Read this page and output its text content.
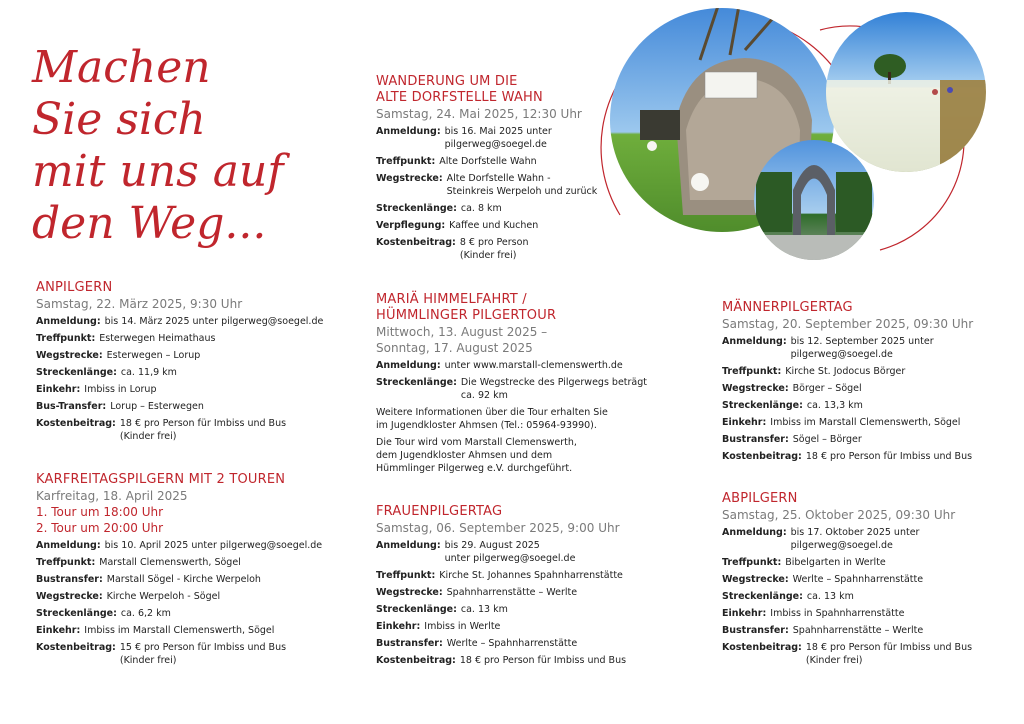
Machen
Sie sich
mit uns auf
den Weg...
ANPILGERN
Samstag, 22. März 2025, 9:30 Uhr
Anmeldung: bis 14. März 2025 unter pilgerweg@soegel.de
Treffpunkt: Esterwegen Heimathaus
Wegstrecke: Esterwegen – Lorup
Streckenlänge: ca. 11,9 km
Einkehr: Imbiss in Lorup
Bus-Transfer: Lorup – Esterwegen
Kostenbeitrag: 18 € pro Person für Imbiss und Bus
(Kinder frei)
KARFREITAGSPILGERN MIT 2 TOUREN
Karfreitag, 18. April 2025
1. Tour um 18:00 Uhr
2. Tour um 20:00 Uhr
Anmeldung: bis 10. April 2025 unter pilgerweg@soegel.de
Treffpunkt: Marstall Clemenswerth, Sögel
Bustransfer: Marstall Sögel - Kirche Werpeloh
Wegstrecke: Kirche Werpeloh - Sögel
Streckenlänge: ca. 6,2 km
Einkehr: Imbiss im Marstall Clemenswerth, Sögel
Kostenbeitrag: 15 € pro Person für Imbiss und Bus
(Kinder frei)
WANDERUNG UM DIE
ALTE DORFSTELLE WAHN
Samstag, 24. Mai 2025, 12:30 Uhr
Anmeldung: bis 16. Mai 2025 unter
pilgerweg@soegel.de
Treffpunkt: Alte Dorfstelle Wahn
Wegstrecke: Alte Dorfstelle Wahn -
Steinkreis Werpeloh und zurück
Streckenlänge: ca. 8 km
Verpflegung: Kaffee und Kuchen
Kostenbeitrag: 8 € pro Person
(Kinder frei)
MARIÄ HIMMELFAHRT /
HÜMMLINGER PILGERTOUR
Mittwoch, 13. August 2025 –
Sonntag, 17. August 2025
Anmeldung: unter www.marstall-clemenswerth.de
Streckenlänge: Die Wegstrecke des Pilgerwegs beträgt
ca. 92 km
Weitere Informationen über die Tour erhalten Sie
im Jugendkloster Ahmsen (Tel.: 05964-93990).
Die Tour wird vom Marstall Clemenswerth,
dem Jugendkloster Ahmsen und dem
Hümmlinger Pilgerweg e.V. durchgeführt.
FRAUENPILGERTAG
Samstag, 06. September 2025, 9:00 Uhr
Anmeldung: bis 29. August 2025
unter pilgerweg@soegel.de
Treffpunkt: Kirche St. Johannes Spahnharrenstätte
Wegstrecke: Spahnharrenstätte – Werlte
Streckenlänge: ca. 13 km
Einkehr: Imbiss in Werlte
Bustransfer: Werlte – Spahnharrenstätte
Kostenbeitrag: 18 € pro Person für Imbiss und Bus
MÄNNERPILGERTAG
Samstag, 20. September 2025, 09:30 Uhr
Anmeldung: bis 12. September 2025 unter
pilgerweg@soegel.de
Treffpunkt: Kirche St. Jodocus Börger
Wegstrecke: Börger – Sögel
Streckenlänge: ca. 13,3 km
Einkehr: Imbiss im Marstall Clemenswerth, Sögel
Bustransfer: Sögel – Börger
Kostenbeitrag: 18 € pro Person für Imbiss und Bus
ABPILGERN
Samstag, 25. Oktober 2025, 09:30 Uhr
Anmeldung: bis 17. Oktober 2025 unter
pilgerweg@soegel.de
Treffpunkt: Bibelgarten in Werlte
Wegstrecke: Werlte – Spahnharrenstätte
Streckenlänge: ca. 13 km
Einkehr: Imbiss in Spahnharrenstätte
Bustransfer: Spahnharrenstätte – Werlte
Kostenbeitrag: 18 € pro Person für Imbiss und Bus
(Kinder frei)
